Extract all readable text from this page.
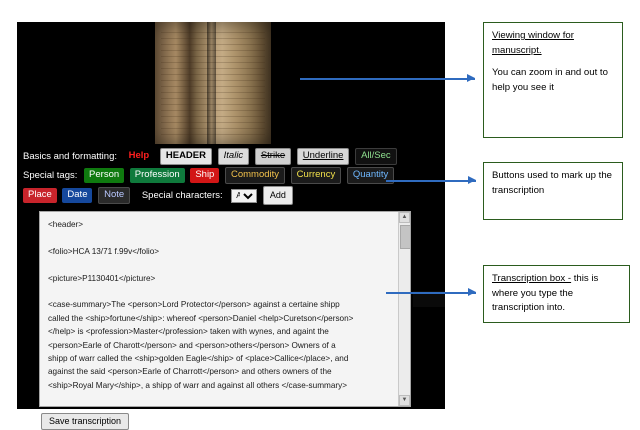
Basics and formatting: Help HEADER Italic Strike Underline All/Sec
Special tags: Person Profession Ship Commodity Currency Quantity
Place Date Note Special characters:
A	Add
<header> <folio>HCA 13/71 f.99v</folio> <picture>P1130401</picture> <case-summary>The <person>Lord Protector</person> against a certaine shipp called the <ship>fortune</ship>: whereof <person>Daniel <help>Curetson</person> </help> is <profession>Master</profession> taken with wynes, and againt the <person>Earle of Charott</person> and <person>others</person> Owners of a shipp of warr called the <ship>golden Eagle</ship> of <place>Callice</place>, and against the said <person>Earle of Charrott</person> and others owners of the <ship>Royal Mary</ship>, a shipp of warr and against all others </case-summary> <deposition>4. <person>Charles Anquestil</person>, of <place>Callice</place> in <place>ffrance</place> <profession>Mariner</profession> and
▲
▼
Save transcription
Viewing window for manuscript.
You can zoom in and out to help you see it
Buttons used to mark up the transcription
Transcription box - this is where you type the transcription into.
